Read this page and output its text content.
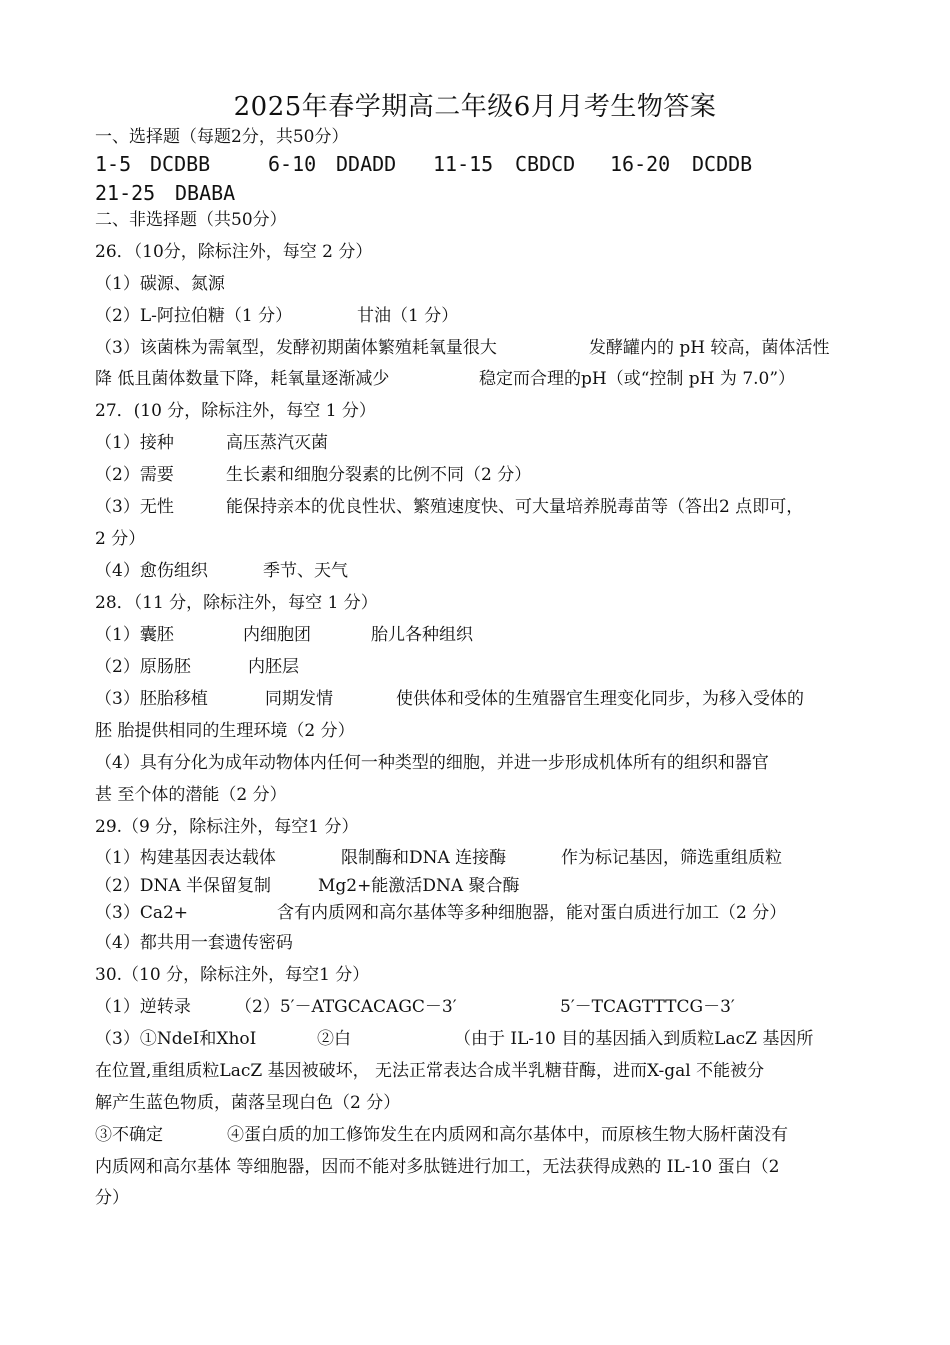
2025年春学期高二年级6月月考生物答案
一、选择题（每题2分，共50分）
1-5 DCDBB	6-10 DDADD 11-15 CBDCD 16-20 DCDDB
21-25 DBABA
二、非选择题（共50分）
26．（10分，除标注外，每空 2 分）
（1）碳源、氮源
（2）L-阿拉伯糖（1 分）	甘油（1 分）
（3）该菌株为需氧型，发酵初期菌体繁殖耗氧量很大	发酵罐内的 pH 较高，菌体活性
降 低且菌体数量下降，耗氧量逐渐减少	稳定而合理的pH（或“控制 pH 为 7.0”）
27．(10 分，除标注外，每空 1 分）
（1）接种	高压蒸汽灭菌
（2）需要	生长素和细胞分裂素的比例不同（2 分）
（3）无性	能保持亲本的优良性状、繁殖速度快、可大量培养脱毒苗等（答出2 点即可，
2 分）
（4）愈伤组织	季节、天气
28．（11 分，除标注外，每空 1 分）
（1）囊胚	内细胞团	胎儿各种组织
（2）原肠胚	内胚层
（3）胚胎移植	同期发情	使供体和受体的生殖器官生理变化同步，为移入受体的
胚 胎提供相同的生理环境（2 分）
（4）具有分化为成年动物体内任何一种类型的细胞，并进一步形成机体所有的组织和器官
甚 至个体的潜能（2 分）
29.（9 分，除标注外，每空1 分）
（1）构建基因表达载体	限制酶和DNA 连接酶	作为标记基因，筛选重组质粒
（2）DNA 半保留复制	Mg2+能激活DNA 聚合酶
（3）Ca2+	含有内质网和高尔基体等多种细胞器，能对蛋白质进行加工（2 分）
（4）都共用一套遗传密码
30.（10 分，除标注外，每空1 分）
（1）逆转录	（2）5′－ATGCACAGC－3′	5′－TCAGTTTCG－3′
（3）①NdeⅠ和XhoⅠ	②白	（由于 IL-10 目的基因插入到质粒LacZ 基因所
在位置,重组质粒LacZ 基因被破坏， 无法正常表达合成半乳糖苷酶，进而X-gal 不能被分
解产生蓝色物质，菌落呈现白色（2 分）
③不确定	④蛋白质的加工修饰发生在内质网和高尔基体中，而原核生物大肠杆菌没有
内质网和高尔基体 等细胞器，因而不能对多肽链进行加工，无法获得成熟的 IL-10 蛋白（2
分）
